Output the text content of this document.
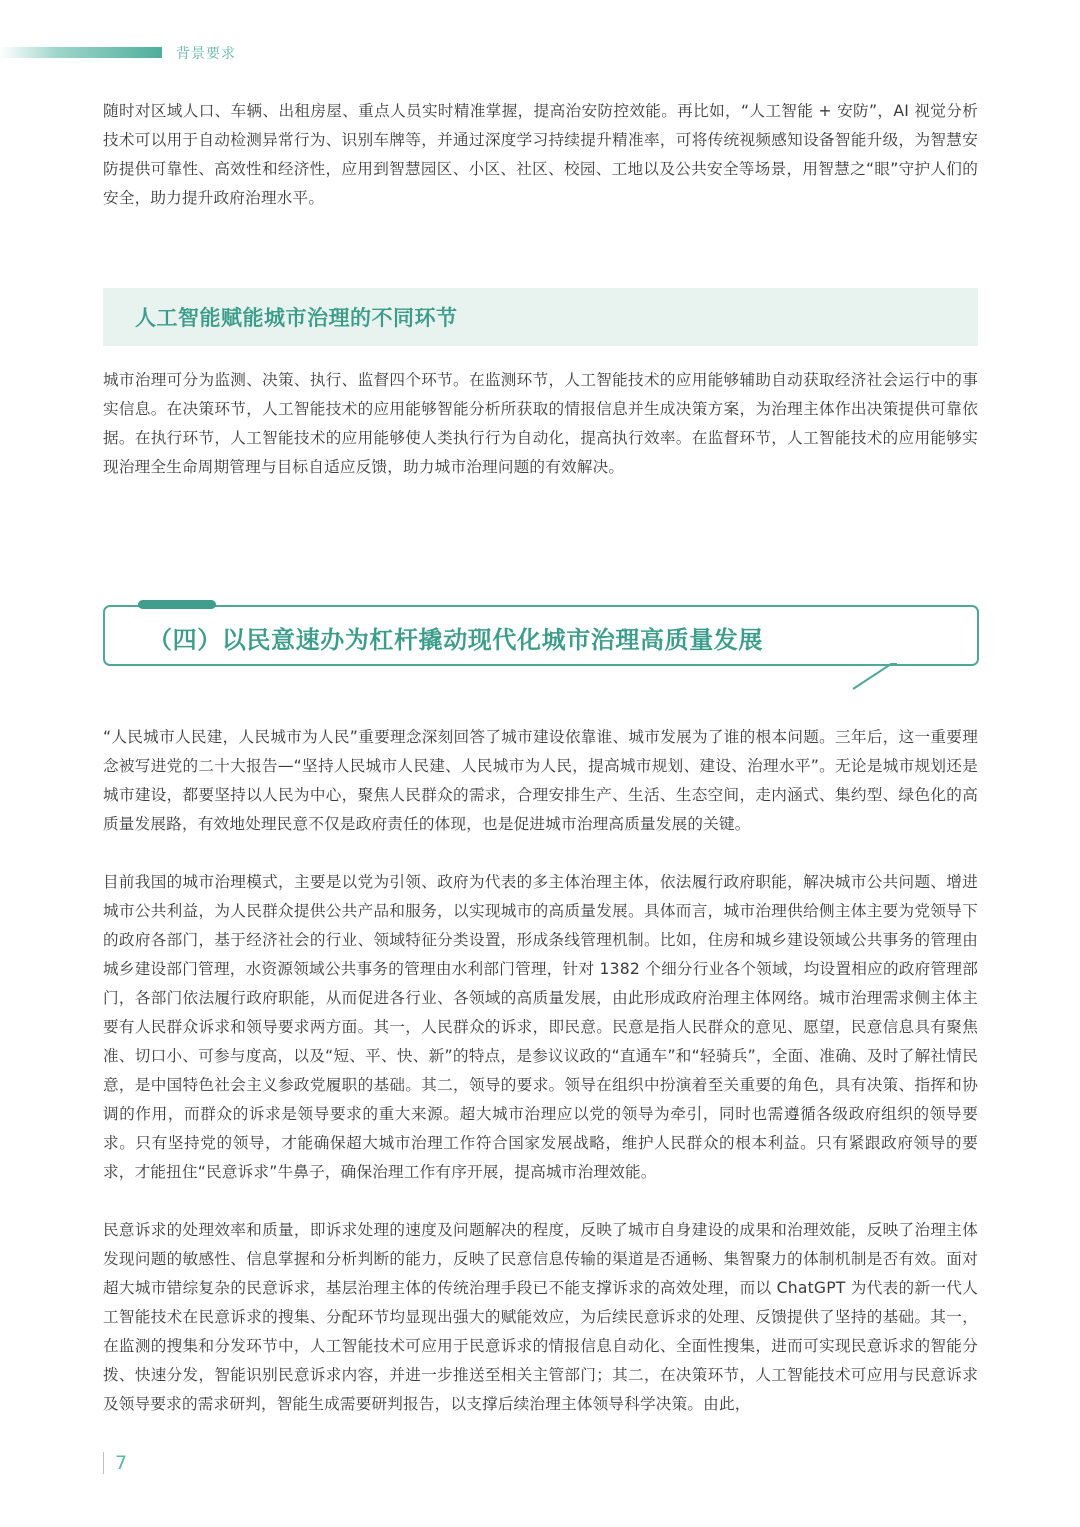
背景要求

随时对区域人口、车辆、出租房屋、重点人员实时精准掌握，提高治安防控效能。再比如，“人工智能 + 安防”，AI 视觉分析技术可以用于自动检测异常行为、识别车牌等，并通过深度学习持续提升精准率，可将传统视频感知设备智能升级，为智慧安防提供可靠性、高效性和经济性，应用到智慧园区、小区、社区、校园、工地以及公共安全等场景，用智慧之“眼”守护人们的安全，助力提升政府治理水平。

人工智能赋能城市治理的不同环节

城市治理可分为监测、决策、执行、监督四个环节。在监测环节，人工智能技术的应用能够辅助自动获取经济社会运行中的事实信息。在决策环节，人工智能技术的应用能够智能分析所获取的情报信息并生成决策方案，为治理主体作出决策提供可靠依据。在执行环节，人工智能技术的应用能够使人类执行行为自动化，提高执行效率。在监督环节，人工智能技术的应用能够实现治理全生命周期管理与目标自适应反馈，助力城市治理问题的有效解决。

（四）以民意速办为杠杆撬动现代化城市治理高质量发展

“人民城市人民建，人民城市为人民”重要理念深刻回答了城市建设依靠谁、城市发展为了谁的根本问题。三年后，这一重要理念被写进党的二十大报告—“坚持人民城市人民建、人民城市为人民，提高城市规划、建设、治理水平”。无论是城市规划还是城市建设，都要坚持以人民为中心，聚焦人民群众的需求，合理安排生产、生活、生态空间，走内涵式、集约型、绿色化的高质量发展路，有效地处理民意不仅是政府责任的体现，也是促进城市治理高质量发展的关键。

目前我国的城市治理模式，主要是以党为引领、政府为代表的多主体治理主体，依法履行政府职能，解决城市公共问题、增进城市公共利益，为人民群众提供公共产品和服务，以实现城市的高质量发展。具体而言，城市治理供给侧主体主要为党领导下的政府各部门，基于经济社会的行业、领域特征分类设置，形成条线管理机制。比如，住房和城乡建设领域公共事务的管理由城乡建设部门管理，水资源领域公共事务的管理由水利部门管理，针对 1382 个细分行业各个领域，均设置相应的政府管理部门，各部门依法履行政府职能，从而促进各行业、各领域的高质量发展，由此形成政府治理主体网络。城市治理需求侧主体主要有人民群众诉求和领导要求两方面。其一，人民群众的诉求，即民意。民意是指人民群众的意见、愿望，民意信息具有聚焦准、切口小、可参与度高，以及“短、平、快、新”的特点，是参议议政的“直通车”和“轻骑兵”，全面、准确、及时了解社情民意，是中国特色社会主义参政党履职的基础。其二，领导的要求。领导在组织中扮演着至关重要的角色，具有决策、指挥和协调的作用，而群众的诉求是领导要求的重大来源。超大城市治理应以党的领导为牵引，同时也需遵循各级政府组织的领导要求。只有坚持党的领导，才能确保超大城市治理工作符合国家发展战略，维护人民群众的根本利益。只有紧跟政府领导的要求，才能扭住“民意诉求”牛鼻子，确保治理工作有序开展，提高城市治理效能。

民意诉求的处理效率和质量，即诉求处理的速度及问题解决的程度，反映了城市自身建设的成果和治理效能，反映了治理主体发现问题的敏感性、信息掌握和分析判断的能力，反映了民意信息传输的渠道是否通畅、集智聚力的体制机制是否有效。面对超大城市错综复杂的民意诉求，基层治理主体的传统治理手段已不能支撑诉求的高效处理，而以 ChatGPT 为代表的新一代人工智能技术在民意诉求的搜集、分配环节均显现出强大的赋能效应，为后续民意诉求的处理、反馈提供了坚持的基础。其一，在监测的搜集和分发环节中，人工智能技术可应用于民意诉求的情报信息自动化、全面性搜集，进而可实现民意诉求的智能分拨、快速分发，智能识别民意诉求内容，并进一步推送至相关主管部门；其二，在决策环节，人工智能技术可应用与民意诉求及领导要求的需求研判，智能生成需要研判报告，以支撑后续治理主体领导科学决策。由此，

7
